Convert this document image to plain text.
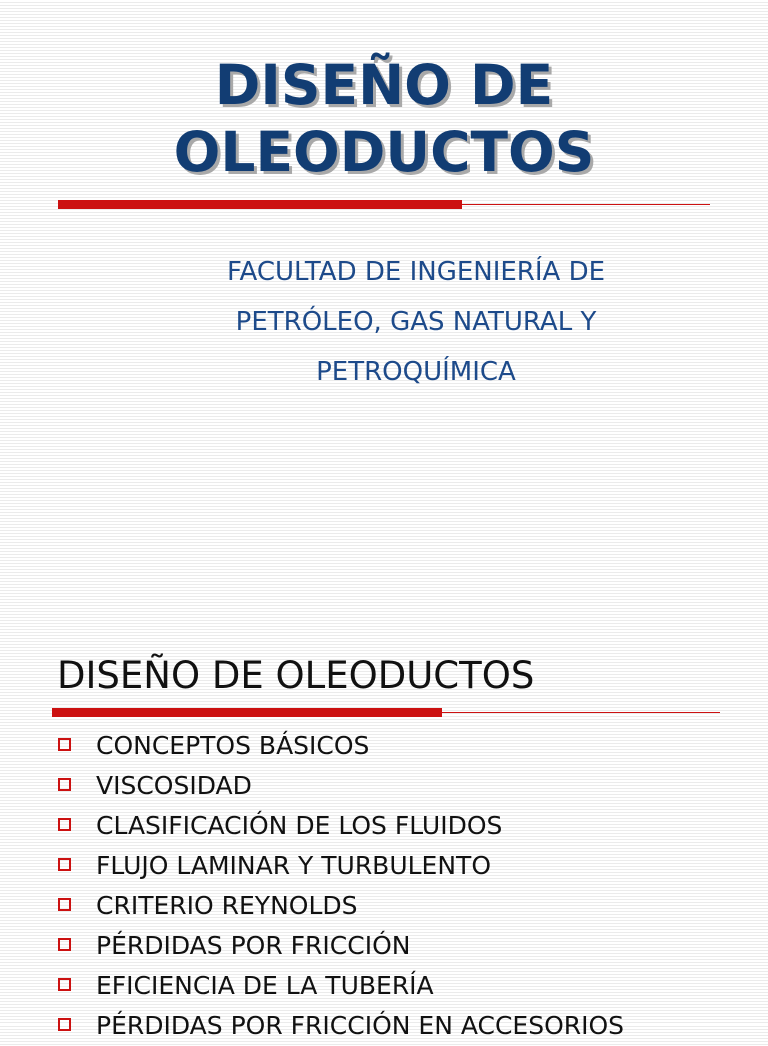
DISEÑO DE
OLEODUCTOS

FACULTAD DE INGENIERÍA DE
PETRÓLEO, GAS NATURAL Y
PETROQUÍMICA

DISEÑO DE OLEODUCTOS
CONCEPTOS BÁSICOS
VISCOSIDAD
CLASIFICACIÓN DE LOS FLUIDOS
FLUJO LAMINAR Y TURBULENTO
CRITERIO REYNOLDS
PÉRDIDAS POR FRICCIÓN
EFICIENCIA DE LA TUBERÍA
PÉRDIDAS POR FRICCIÓN EN ACCESORIOS
